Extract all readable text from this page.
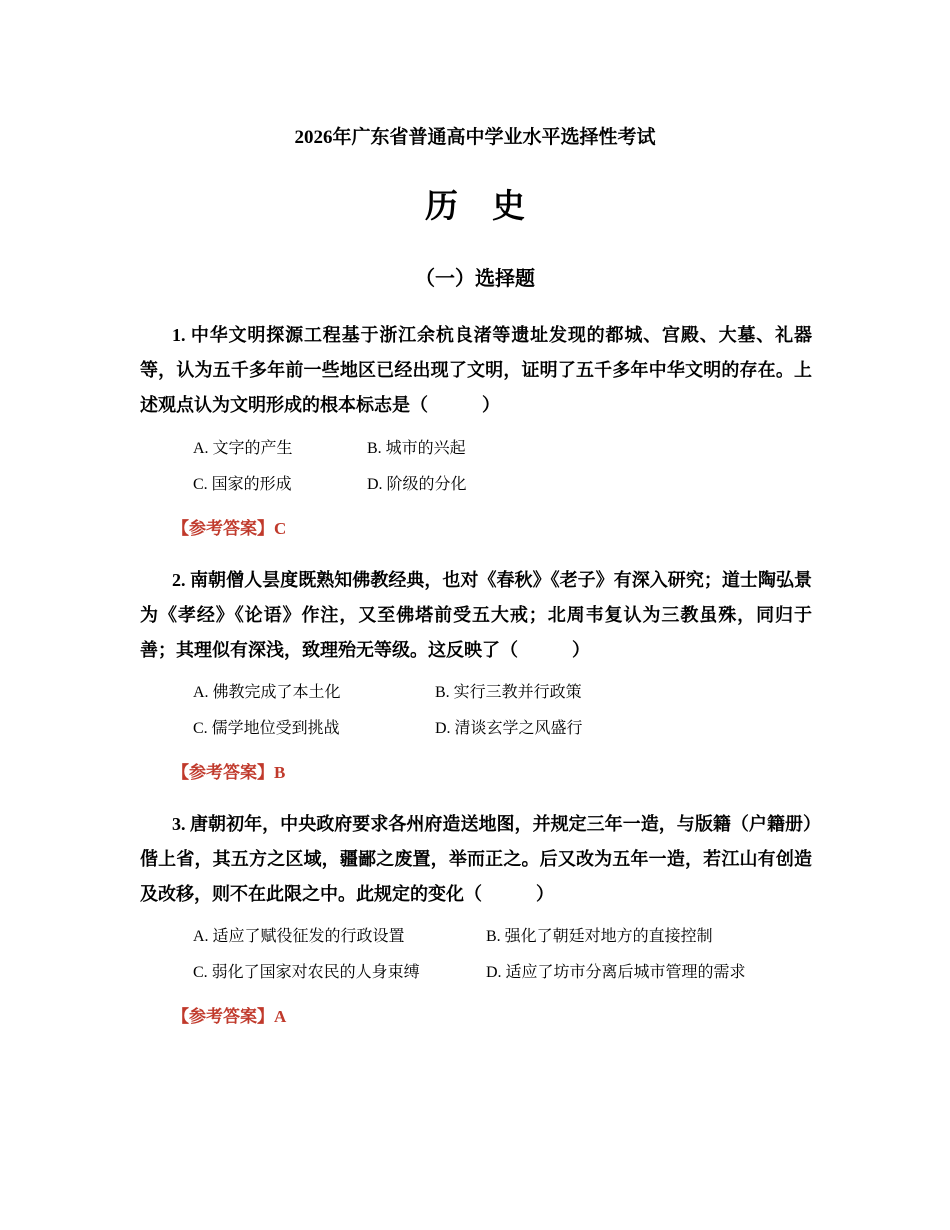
2026年广东省普通高中学业水平选择性考试
历史
（一）选择题
1. 中华文明探源工程基于浙江余杭良渚等遗址发现的都城、宫殿、大墓、礼器等，认为五千多年前一些地区已经出现了文明，证明了五千多年中华文明的存在。上述观点认为文明形成的根本标志是（　　　）
A. 文字的产生	B. 城市的兴起
C. 国家的形成	D. 阶级的分化
【参考答案】C
2. 南朝僧人昙度既熟知佛教经典，也对《春秋》《老子》有深入研究；道士陶弘景为《孝经》《论语》作注，又至佛塔前受五大戒；北周韦复认为三教虽殊，同归于善；其理似有深浅，致理殆无等级。这反映了（　　　）
A. 佛教完成了本土化	B. 实行三教并行政策
C. 儒学地位受到挑战	D. 清谈玄学之风盛行
【参考答案】B
3. 唐朝初年，中央政府要求各州府造送地图，并规定三年一造，与版籍（户籍册）偕上省，其五方之区域，疆鄙之废置，举而正之。后又改为五年一造，若江山有创造及改移，则不在此限之中。此规定的变化（　　　）
A. 适应了赋役征发的行政设置	B. 强化了朝廷对地方的直接控制
C. 弱化了国家对农民的人身束缚	D. 适应了坊市分离后城市管理的需求
【参考答案】A
